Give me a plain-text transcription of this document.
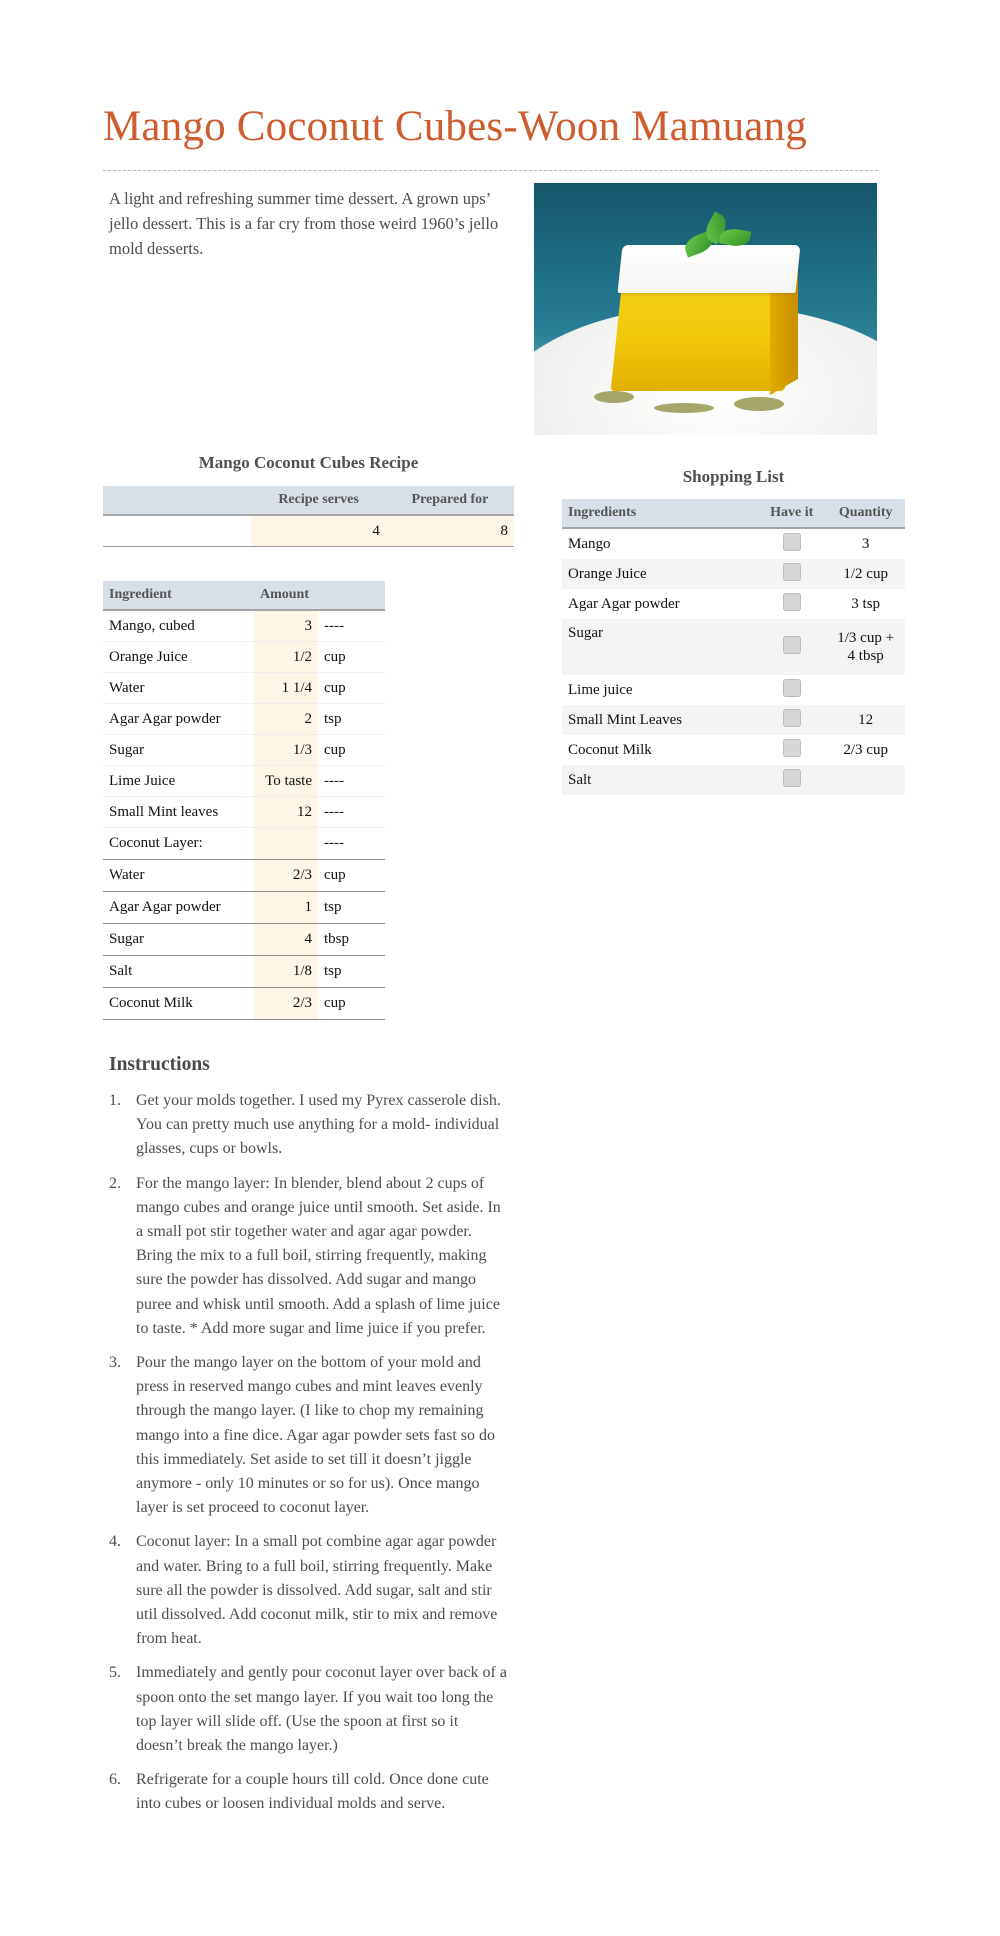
Mango Coconut Cubes-Woon Mamuang
A light and refreshing summer time dessert. A grown ups’ jello dessert. This is a far cry from those weird 1960’s jello mold desserts.
Mango Coconut Cubes Recipe
	Recipe serves	Prepared for
	4	8
Ingredient	Amount	
Mango, cubed	3	----
Orange Juice	1/2	cup
Water	1 1/4	cup
Agar Agar powder	2	tsp
Sugar	1/3	cup
Lime Juice	To taste	----
Small Mint leaves	12	----
Coconut Layer:		----
Water	2/3	cup
Agar Agar powder	1	tsp
Sugar	4	tbsp
Salt	1/8	tsp
Coconut Milk	2/3	cup
Shopping List
Ingredients	Have it	Quantity
Mango		3
Orange Juice		1/2 cup
Agar Agar powder		3 tsp
Sugar		1/3 cup + 4 tbsp
Lime juice		
Small Mint Leaves		12
Coconut Milk		2/3 cup
Salt		
Instructions
1. Get your molds together. I used my Pyrex casserole dish. You can pretty much use anything for a mold- individual glasses, cups or bowls.
2. For the mango layer: In blender, blend about 2 cups of mango cubes and orange juice until smooth. Set aside. In a small pot stir together water and agar agar powder. Bring the mix to a full boil, stirring frequently, making sure the powder has dissolved. Add sugar and mango puree and whisk until smooth. Add a splash of lime juice to taste. * Add more sugar and lime juice if you prefer.
3. Pour the mango layer on the bottom of your mold and press in reserved mango cubes and mint leaves evenly through the mango layer. (I like to chop my remaining mango into a fine dice. Agar agar powder sets fast so do this immediately. Set aside to set till it doesn’t jiggle anymore - only 10 minutes or so for us). Once mango layer is set proceed to coconut layer.
4. Coconut layer: In a small pot combine agar agar powder and water. Bring to a full boil, stirring frequently. Make sure all the powder is dissolved. Add sugar, salt and stir util dissolved. Add coconut milk, stir to mix and remove from heat.
5. Immediately and gently pour coconut layer over back of a spoon onto the set mango layer. If you wait too long the top layer will slide off. (Use the spoon at first so it doesn’t break the mango layer.)
6. Refrigerate for a couple hours till cold. Once done cute into cubes or loosen individual molds and serve.
